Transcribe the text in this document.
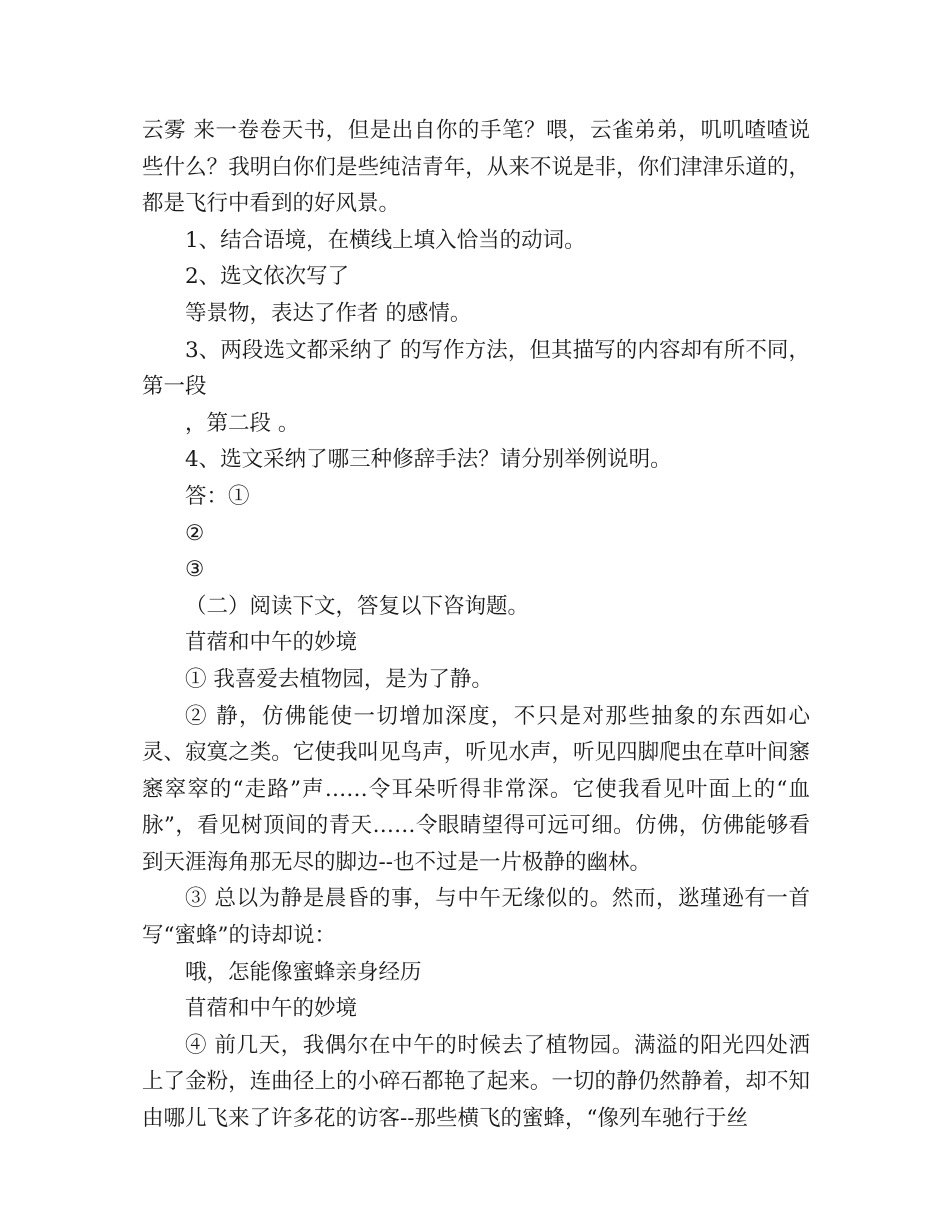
云雾 来一卷卷天书，但是出自你的手笔？喂，云雀弟弟，叽叽喳喳说些什么？我明白你们是些纯洁青年，从来不说是非，你们津津乐道的，都是飞行中看到的好风景。

1、结合语境，在横线上填入恰当的动词。

2、选文依次写了

等景物，表达了作者 的感情。

3、两段选文都采纳了 的写作方法，但其描写的内容却有所不同，第一段

，第二段 。

4、选文采纳了哪三种修辞手法？请分别举例说明。

答：①

②

③

（二）阅读下文，答复以下咨询题。

苜蓿和中午的妙境

① 我喜爱去植物园，是为了静。

② 静，仿佛能使一切增加深度，不只是对那些抽象的东西如心灵、寂寞之类。它使我叫见鸟声，听见水声，听见四脚爬虫在草叶间窸窸窣窣的“走路”声……令耳朵听得非常深。它使我看见叶面上的“血脉”，看见树顶间的青天……令眼睛望得可远可细。仿佛，仿佛能够看到天涯海角那无尽的脚边--也不过是一片极静的幽林。

③ 总以为静是晨昏的事，与中午无缘似的。然而，逖瑾逊有一首写“蜜蜂”的诗却说：

哦，怎能像蜜蜂亲身经历

苜蓿和中午的妙境

④ 前几天，我偶尔在中午的时候去了植物园。满溢的阳光四处洒上了金粉，连曲径上的小碎石都艳了起来。一切的静仍然静着，却不知由哪儿飞来了许多花的访客--那些横飞的蜜蜂，“像列车驰行于丝
